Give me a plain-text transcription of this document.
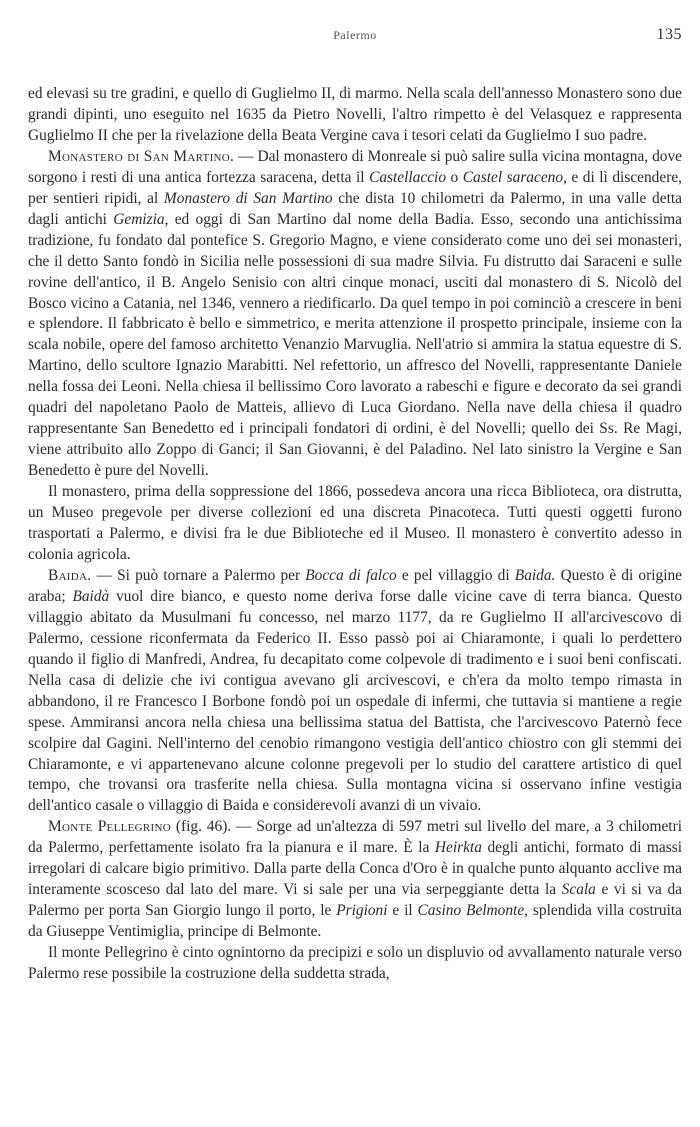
Palermo	135

ed elevasi su tre gradini, e quello di Guglielmo II, di marmo. Nella scala dell'annesso Monastero sono due grandi dipinti, uno eseguito nel 1635 da Pietro Novelli, l'altro rimpetto è del Velasquez e rappresenta Guglielmo II che per la rivelazione della Beata Vergine cava i tesori celati da Guglielmo I suo padre.

Monastero di San Martino. — Dal monastero di Monreale si può salire sulla vicina montagna, dove sorgono i resti di una antica fortezza saracena, detta il Castellaccio o Castel saraceno, e di lì discendere, per sentieri ripidi, al Monastero di San Martino che dista 10 chilometri da Palermo, in una valle detta dagli antichi Gemizia, ed oggi di San Martino dal nome della Badia. Esso, secondo una antichissima tradizione, fu fondato dal pontefice S. Gregorio Magno, e viene considerato come uno dei sei monasteri, che il detto Santo fondò in Sicilia nelle possessioni di sua madre Silvia. Fu distrutto dai Saraceni e sulle rovine dell'antico, il B. Angelo Senisio con altri cinque monaci, usciti dal monastero di S. Nicolò del Bosco vicino a Catania, nel 1346, vennero a riedificarlo. Da quel tempo in poi cominciò a crescere in beni e splendore. Il fabbricato è bello e simmetrico, e merita attenzione il prospetto principale, insieme con la scala nobile, opere del famoso architetto Venanzio Marvuglia. Nell'atrio si ammira la statua equestre di S. Martino, dello scultore Ignazio Marabitti. Nel refettorio, un affresco del Novelli, rappresentante Daniele nella fossa dei Leoni. Nella chiesa il bellissimo Coro lavorato a rabeschi e figure e decorato da sei grandi quadri del napoletano Paolo de Matteis, allievo di Luca Giordano. Nella nave della chiesa il quadro rappresentante San Benedetto ed i principali fondatori di ordini, è del Novelli; quello dei Ss. Re Magi, viene attribuito allo Zoppo di Ganci; il San Giovanni, è del Paladino. Nel lato sinistro la Vergine e San Benedetto è pure del Novelli.

Il monastero, prima della soppressione del 1866, possedeva ancora una ricca Biblioteca, ora distrutta, un Museo pregevole per diverse collezioni ed una discreta Pinacoteca. Tutti questi oggetti furono trasportati a Palermo, e divisi fra le due Biblioteche ed il Museo. Il monastero è convertito adesso in colonia agricola.

Baida. — Si può tornare a Palermo per Bocca di falco e pel villaggio di Baida. Questo è di origine araba; Baidà vuol dire bianco, e questo nome deriva forse dalle vicine cave di terra bianca. Questo villaggio abitato da Musulmani fu concesso, nel marzo 1177, da re Guglielmo II all'arcivescovo di Palermo, cessione riconfermata da Federico II. Esso passò poi ai Chiaramonte, i quali lo perdettero quando il figlio di Manfredi, Andrea, fu decapitato come colpevole di tradimento e i suoi beni confiscati. Nella casa di delizie che ivi contigua avevano gli arcivescovi, e ch'era da molto tempo rimasta in abbandono, il re Francesco I Borbone fondò poi un ospedale di infermi, che tuttavia si mantiene a regie spese. Ammiransi ancora nella chiesa una bellissima statua del Battista, che l'arcivescovo Paternò fece scolpire dal Gagini. Nell'interno del cenobio rimangono vestigia dell'antico chiostro con gli stemmi dei Chiaramonte, e vi appartenevano alcune colonne pregevoli per lo studio del carattere artistico di quel tempo, che trovansi ora trasferite nella chiesa. Sulla montagna vicina si osservano infine vestigia dell'antico casale o villaggio di Baida e considerevoli avanzi di un vivaio.

Monte Pellegrino (fig. 46). — Sorge ad un'altezza di 597 metri sul livello del mare, a 3 chilometri da Palermo, perfettamente isolato fra la pianura e il mare. È la Heirkta degli antichi, formato di massi irregolari di calcare bigio primitivo. Dalla parte della Conca d'Oro è in qualche punto alquanto acclive ma interamente scosceso dal lato del mare. Vi si sale per una via serpeggiante detta la Scala e vi si va da Palermo per porta San Giorgio lungo il porto, le Prigioni e il Casino Belmonte, splendida villa costruita da Giuseppe Ventimiglia, principe di Belmonte.

Il monte Pellegrino è cinto ognintorno da precipizi e solo un displuvio od avvallamento naturale verso Palermo rese possibile la costruzione della suddetta strada,
